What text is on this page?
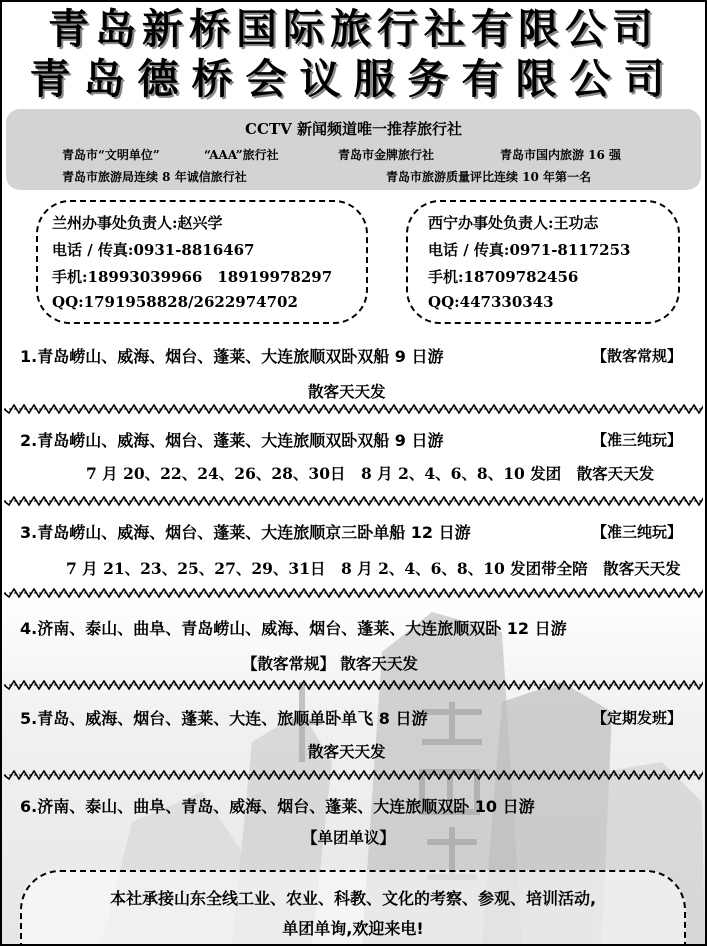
青岛新桥国际旅行社有限公司
青岛德桥会议服务有限公司
CCTV 新闻频道唯一推荐旅行社
青岛市“文明单位”	“AAA”旅行社	青岛市金牌旅行社	青岛市国内旅游 16 强
青岛市旅游局连续 8 年诚信旅行社	青岛市旅游质量评比连续 10 年第一名
兰州办事处负责人:赵兴学
电话 / 传真:0931-8816467
手机:18993039966　18919978297
QQ:1791958828/2622974702
西宁办事处负责人:王功志
电话 / 传真:0971-8117253
手机:18709782456
QQ:447330343
1.青岛崂山、威海、烟台、蓬莱、大连旅顺双卧双船 9 日游	【散客常规】
散客天天发
2.青岛崂山、威海、烟台、蓬莱、大连旅顺双卧双船 9 日游	【准三纯玩】
7 月 20、22、24、26、28、30日　8 月 2、4、6、8、10 发团　散客天天发
3.青岛崂山、威海、烟台、蓬莱、大连旅顺京三卧单船 12 日游	【准三纯玩】
7 月 21、23、25、27、29、31日　8 月 2、4、6、8、10 发团带全陪　散客天天发
4.济南、泰山、曲阜、青岛崂山、威海、烟台、蓬莱、大连旅顺双卧 12 日游
【散客常规】 散客天天发
5.青岛、威海、烟台、蓬莱、大连、旅顺单卧单飞 8 日游	【定期发班】
散客天天发
6.济南、泰山、曲阜、青岛、威海、烟台、蓬莱、大连旅顺双卧 10 日游
【单团单议】
本社承接山东全线工业、农业、科教、文化的考察、参观、培训活动,
单团单询,欢迎来电!
